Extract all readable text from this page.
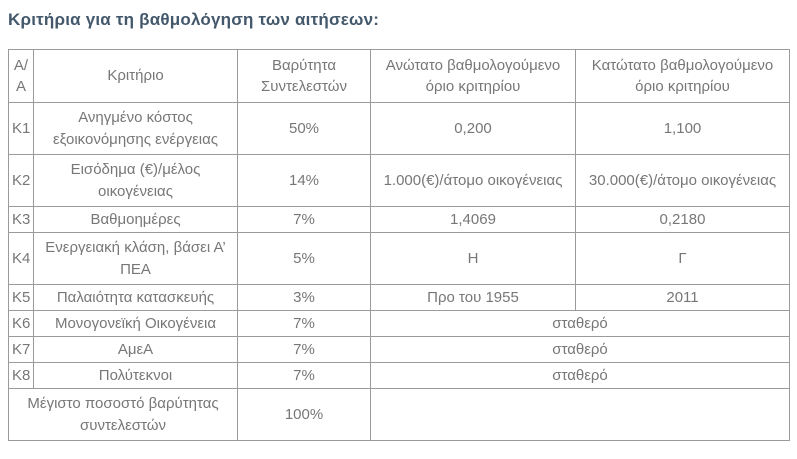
Κριτήρια για τη βαθμολόγηση των αιτήσεων:
Α/Α	Κριτήριο	Βαρύτητα Συντελεστών	Ανώτατο βαθμολογούμενο όριο κριτηρίου	Κατώτατο βαθμολογούμενο όριο κριτηρίου
Κ1	Ανηγμένο κόστος εξοικονόμησης ενέργειας	50%	0,200	1,100
Κ2	Εισόδημα (€)/μέλος οικογένειας	14%	1.000(€)/άτομο οικογένειας	30.000(€)/άτομο οικογένειας
Κ3	Βαθμοημέρες	7%	1,4069	0,2180
Κ4	Ενεργειακή κλάση, βάσει Α’ ΠΕΑ	5%	Η	Γ
Κ5	Παλαιότητα κατασκευής	3%	Προ του 1955	2011
Κ6	Μονογονεϊκή Οικογένεια	7%	σταθερό	
Κ7	ΑμεΑ	7%	σταθερό	
Κ8	Πολύτεκνοι	7%	σταθερό	
Μέγιστο ποσοστό βαρύτητας συντελεστών		100%		
